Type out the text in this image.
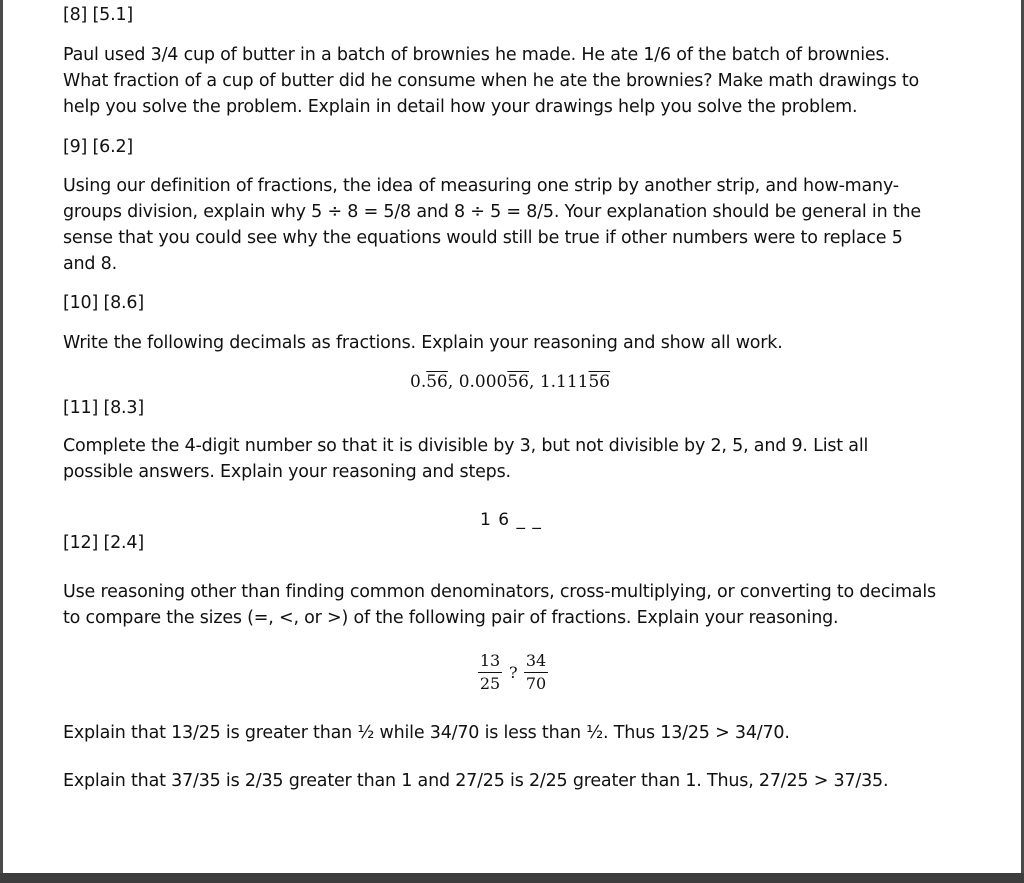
[8] [5.1]
Paul used 3/4 cup of butter in a batch of brownies he made. He ate 1/6 of the batch of brownies.
What fraction of a cup of butter did he consume when he ate the brownies? Make math drawings to
help you solve the problem. Explain in detail how your drawings help you solve the problem.
[9] [6.2]
Using our definition of fractions, the idea of measuring one strip by another strip, and how-many-
groups division, explain why 5 ÷ 8 = 5/8 and 8 ÷ 5 = 8/5. Your explanation should be general in the
sense that you could see why the equations would still be true if other numbers were to replace 5
and 8.
[10] [8.6]
Write the following decimals as fractions. Explain your reasoning and show all work.
0.56, 0.00056, 1.11156
[11] [8.3]
Complete the 4-digit number so that it is divisible by 3, but not divisible by 2, 5, and 9. List all
possible answers. Explain your reasoning and steps.
1 6 _ _
[12] [2.4]
Use reasoning other than finding common denominators, cross-multiplying, or converting to decimals
to compare the sizes (=, <, or >) of the following pair of fractions. Explain your reasoning.
13
25
?
34
70
Explain that 13/25 is greater than ½ while 34/70 is less than ½. Thus 13/25 > 34/70.
Explain that 37/35 is 2/35 greater than 1 and 27/25 is 2/25 greater than 1. Thus, 27/25 > 37/35.
